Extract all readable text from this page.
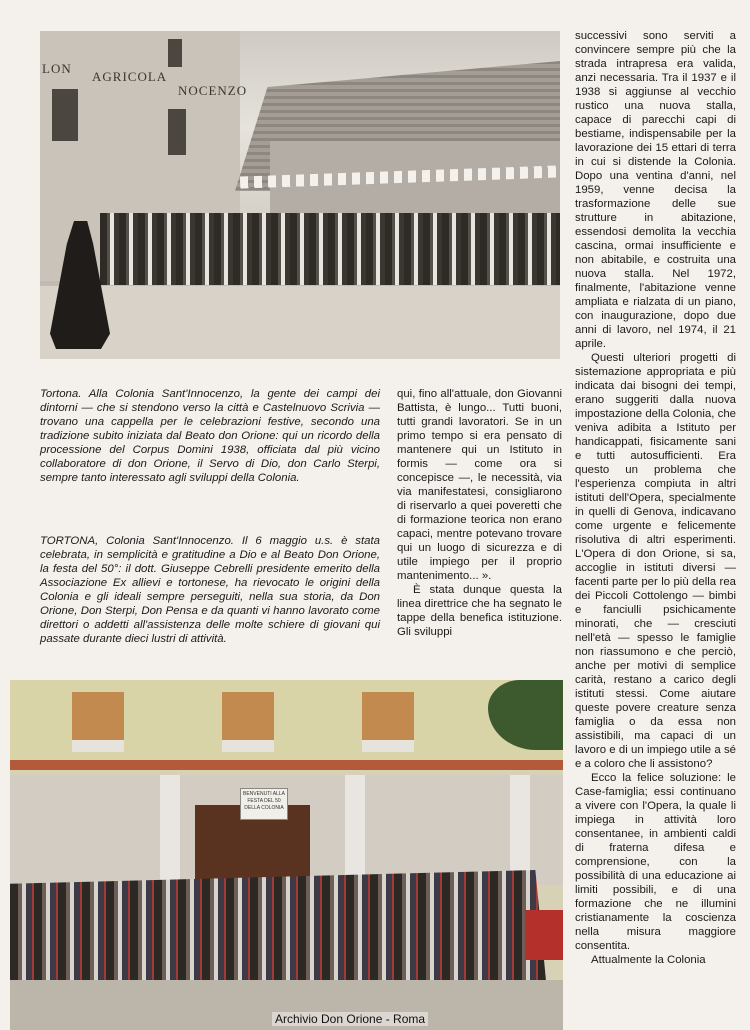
LON
AGRICOLA
NOCENZO

Tortona. Alla Colonia Sant'Innocenzo, la gente dei campi dei dintorni — che si stendono verso la città e Castelnuovo Scrivia — trovano una cappella per le celebrazioni festive, secondo una tradizione subito iniziata dal Beato don Orione: qui un ricordo della processione del Corpus Domini 1938, officiata dal più vicino collaboratore di don Orione, il Servo di Dio, don Carlo Sterpi, sempre tanto interessato agli sviluppi della Colonia.

TORTONA, Colonia Sant'Innocenzo. Il 6 maggio u.s. è stata celebrata, in semplicità e gratitudine a Dio e al Beato Don Orione, la festa del 50°: il dott. Giuseppe Cebrelli presidente emerito della Associazione Ex allievi e tortonese, ha rievocato le origini della Colonia e gli ideali sempre perseguiti, nella sua storia, da Don Orione, Don Sterpi, Don Pensa e da quanti vi hanno lavorato come direttori o addetti all'assistenza delle molte schiere di giovani qui passate durante dieci lustri di attività.

qui, fino all'attuale, don Giovanni Battista, è lungo... Tutti buoni, tutti grandi lavoratori. Se in un primo tempo si era pensato di mantenere qui un Istituto in formis — come ora si concepisce —, le necessità, via via manifestatesi, consigliarono di riservarlo a quei poveretti che di formazione teorica non erano capaci, mentre potevano trovare qui un luogo di sicurezza e di utile impiego per il proprio mantenimento... ».

È stata dunque questa la linea direttrice che ha segnato le tappe della benefica istituzione. Gli sviluppi

successivi sono serviti a convincere sempre più che la strada intrapresa era valida, anzi necessaria. Tra il 1937 e il 1938 si aggiunse al vecchio rustico una nuova stalla, capace di parecchi capi di bestiame, indispensabile per la lavorazione dei 15 ettari di terra in cui si distende la Colonia. Dopo una ventina d'anni, nel 1959, venne decisa la trasformazione delle sue strutture in abitazione, essendosi demolita la vecchia cascina, ormai insufficiente e non abitabile, e costruita una nuova stalla. Nel 1972, finalmente, l'abitazione venne ampliata e rialzata di un piano, con inaugurazione, dopo due anni di lavoro, nel 1974, il 21 aprile.

Questi ulteriori progetti di sistemazione appropriata e più indicata dai bisogni dei tempi, erano suggeriti dalla nuova impostazione della Colonia, che veniva adibita a Istituto per handicappati, fisicamente sani e tutti autosufficienti. Era questo un problema che l'esperienza compiuta in altri istituti dell'Opera, specialmente in quelli di Genova, indicavano come urgente e felicemente risolutiva di altri esperimenti. L'Opera di don Orione, si sa, accoglie in istituti diversi — facenti parte per lo più della rea dei Piccoli Cottolengo — bimbi e fanciulli psichicamente minorati, che — cresciuti nell'età — spesso le famiglie non riassumono e che perciò, anche per motivi di semplice carità, restano a carico degli istituti stessi. Come aiutare queste povere creature senza famiglia o da essa non assistibili, ma capaci di un lavoro e di un impiego utile a sé e a coloro che li assistono?

Ecco la felice soluzione: le Case-famiglia; essi continuano a vivere con l'Opera, la quale li impiega in attività loro consentanee, in ambienti caldi di fraterna difesa e comprensione, con la possibilità di una educazione ai limiti possibili, e di una formazione che ne illumini cristianamente la coscienza nella misura maggiore consentita.

Attualmente la Colonia

BENVENUTI ALLA FESTA DEL 50 DELLA COLONIA
Archivio Don Orione - Roma
